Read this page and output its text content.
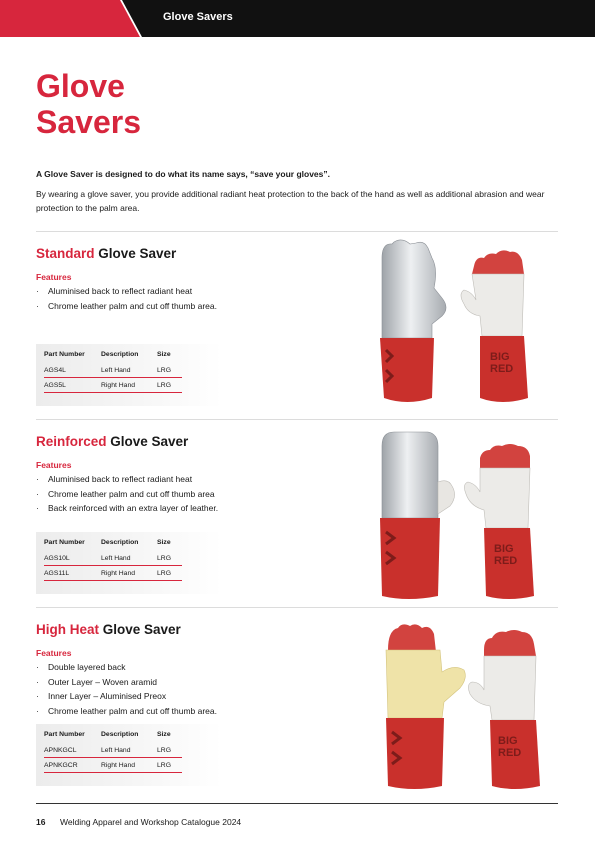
Glove Savers
Glove
Savers
A Glove Saver is designed to do what its name says, “save your gloves”.
By wearing a glove saver, you provide additional radiant heat protection to the back of the hand as well as additional abrasion and wear protection to the palm area.
Standard Glove Saver
Features
· Aluminised back to reflect radiant heat
· Chrome leather palm and cut off thumb area.
Part Number	Description	Size
AGS4L	Left Hand	LRG
AGS5L	Right Hand	LRG
BIG
RED
Reinforced Glove Saver
Features
· Aluminised back to reflect radiant heat
· Chrome leather palm and cut off thumb area
· Back reinforced with an extra layer of leather.
Part Number	Description	Size
AGS10L	Left Hand	LRG
AGS11L	Right Hand	LRG
BIG
RED
High Heat Glove Saver
Features
· Double layered back
· Outer Layer – Woven aramid
· Inner Layer – Aluminised Preox
· Chrome leather palm and cut off thumb area.
Part Number	Description	Size
APNKGCL	Left Hand	LRG
APNKGCR	Right Hand	LRG
BIG
RED
16 Welding Apparel and Workshop Catalogue 2024
